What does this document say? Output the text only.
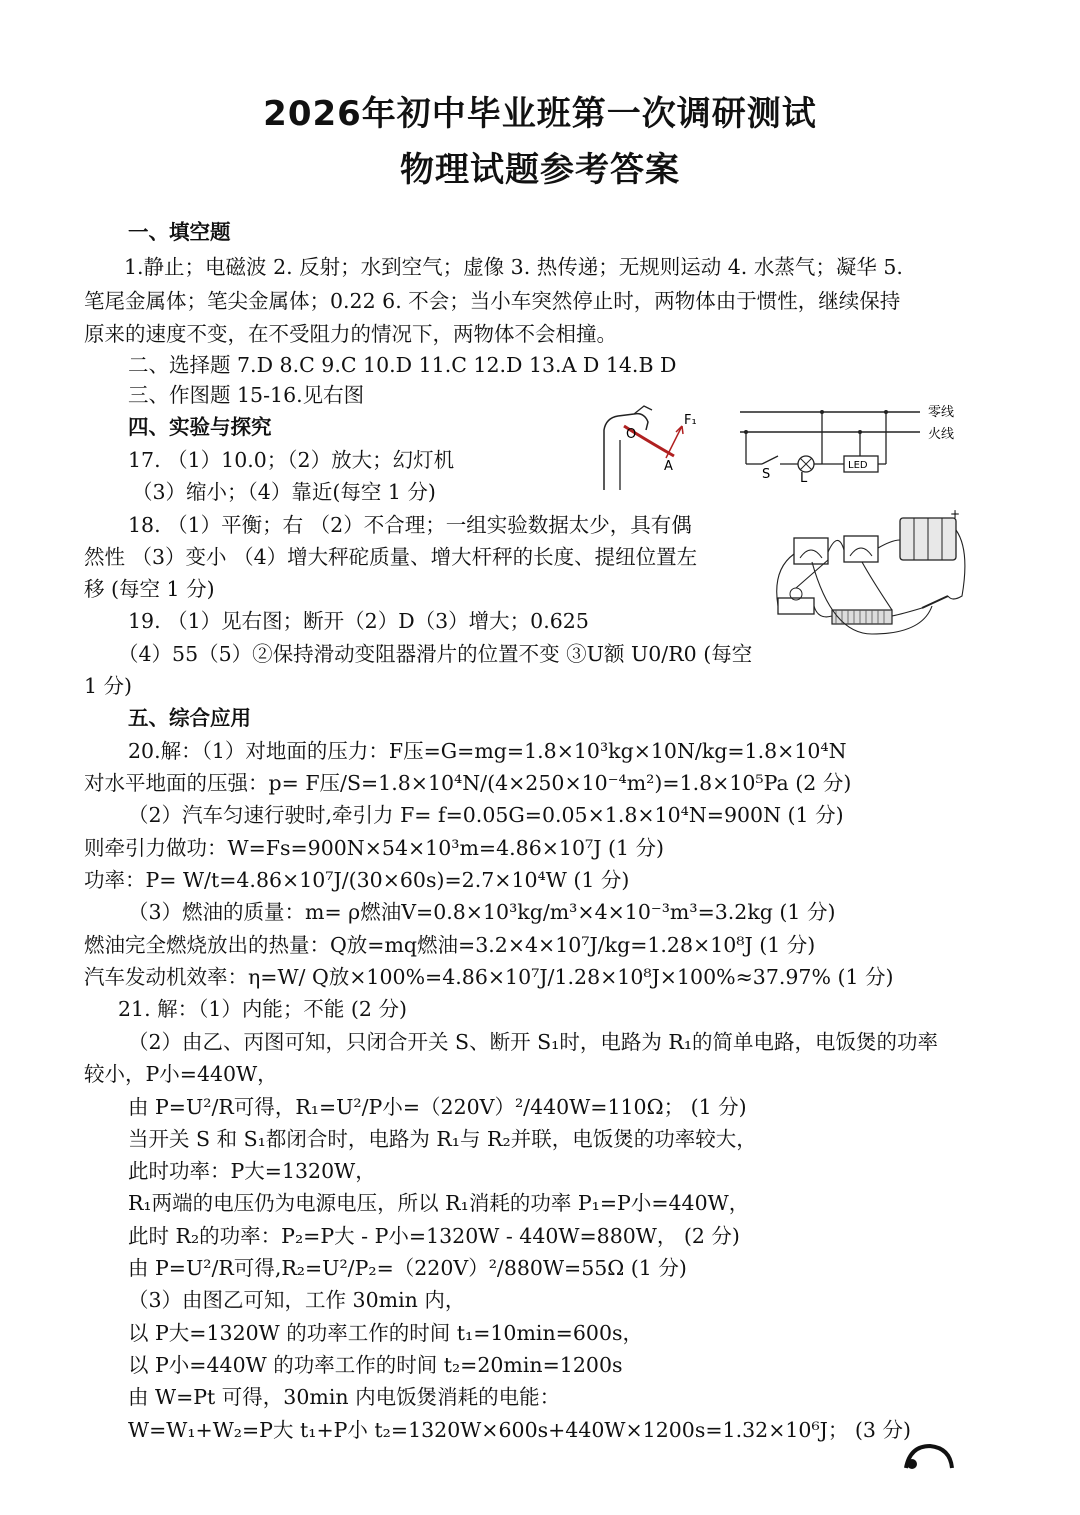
2026年初中毕业班第一次调研测试
物理试题参考答案
一、填空题
1.静止；电磁波 2. 反射；水到空气；虚像 3. 热传递；无规则运动 4. 水蒸气；凝华 5.
笔尾金属体；笔尖金属体；0.22 6. 不会；当小车突然停止时，两物体由于惯性，继续保持
原来的速度不变，在不受阻力的情况下，两物体不会相撞。
二、选择题 7.D 8.C 9.C 10.D 11.C 12.D 13.A D 14.B D
三、作图题 15-16.见右图
四、实验与探究
17. （1）10.0；（2）放大；幻灯机
（3）缩小；（4）靠近(每空 1 分)
18. （1）平衡；右 （2）不合理；一组实验数据太少，具有偶
然性 （3）变小 （4）增大秤砣质量、增大杆秤的长度、提纽位置左
移 (每空 1 分)
19. （1）见右图；断开（2）D（3）增大；0.625
（4）55（5）②保持滑动变阻器滑片的位置不变 ③U额 U0/R0 (每空
1 分)
五、综合应用
20.解：（1）对地面的压力：F压=G=mg=1.8×10³kg×10N/kg=1.8×10⁴N
对水平地面的压强：p= F压/S=1.8×10⁴N/(4×250×10⁻⁴m²)=1.8×10⁵Pa (2 分)
（2）汽车匀速行驶时,牵引力 F= f=0.05G=0.05×1.8×10⁴N=900N (1 分)
则牵引力做功：W=Fs=900N×54×10³m=4.86×10⁷J (1 分)
功率：P= W/t=4.86×10⁷J/(30×60s)=2.7×10⁴W (1 分)
（3）燃油的质量：m= ρ燃油V=0.8×10³kg/m³×4×10⁻³m³=3.2kg (1 分)
燃油完全燃烧放出的热量：Q放=mq燃油=3.2×4×10⁷J/kg=1.28×10⁸J (1 分)
汽车发动机效率：η=W/ Q放×100%=4.86×10⁷J/1.28×10⁸J×100%≈37.97% (1 分)
21. 解：（1）内能；不能 (2 分)
（2）由乙、丙图可知，只闭合开关 S、断开 S₁时，电路为 R₁的简单电路，电饭煲的功率
较小，P小=440W，
由 P=U²/R可得，R₁=U²/P小=（220V）²/440W=110Ω； (1 分)
当开关 S 和 S₁都闭合时，电路为 R₁与 R₂并联，电饭煲的功率较大，
此时功率：P大=1320W，
R₁两端的电压仍为电源电压，所以 R₁消耗的功率 P₁=P小=440W，
此时 R₂的功率：P₂=P大 - P小=1320W - 440W=880W， (2 分)
由 P=U²/R可得,R₂=U²/P₂=（220V）²/880W=55Ω (1 分)
（3）由图乙可知，工作 30min 内，
以 P大=1320W 的功率工作的时间 t₁=10min=600s，
以 P小=440W 的功率工作的时间 t₂=20min=1200s
由 W=Pt 可得，30min 内电饭煲消耗的电能：
W=W₁+W₂=P大 t₁+P小 t₂=1320W×600s+440W×1200s=1.32×10⁶J； (3 分)
F₁
A
O
零线
火线
S L
LED
+
